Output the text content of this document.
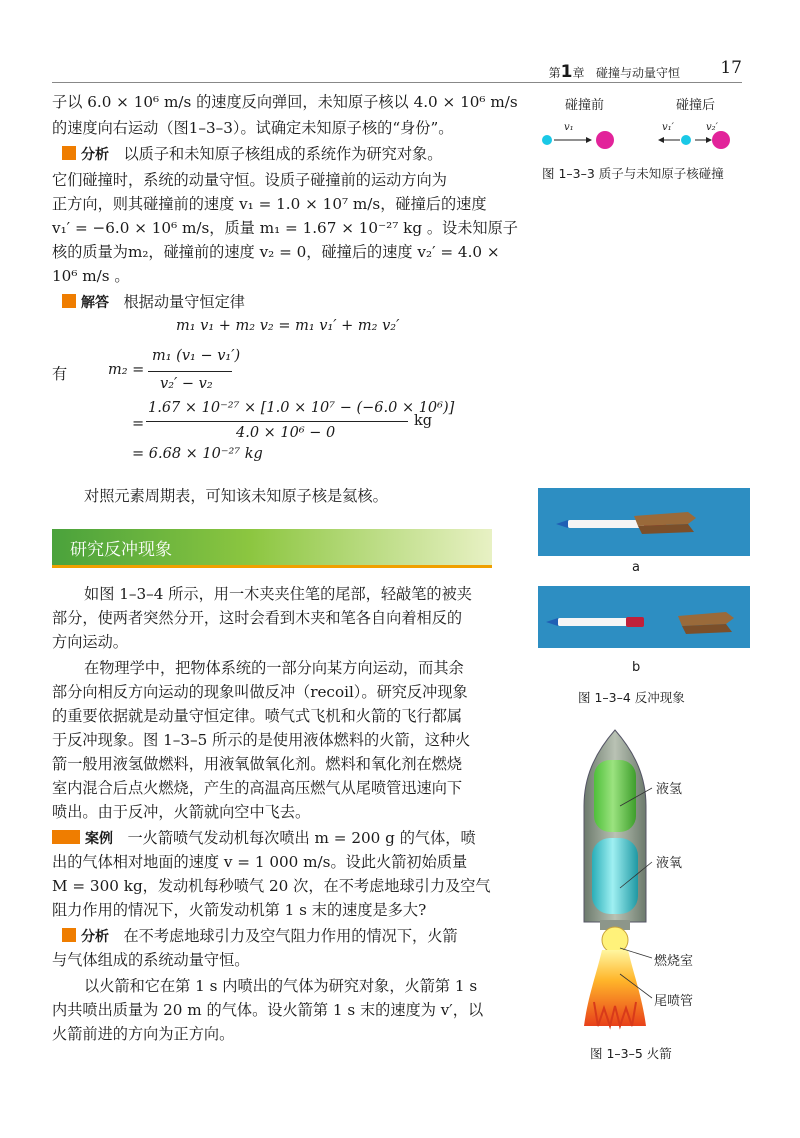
第1章 碰撞与动量守恒 17
子以 6.0 × 10⁶ m/s 的速度反向弹回，未知原子核以 4.0 × 10⁶ m/s
的速度向右运动（图1–3–3）。试确定未知原子核的“身份”。
分析 以质子和未知原子核组成的系统作为研究对象。
它们碰撞时，系统的动量守恒。设质子碰撞前的运动方向为
正方向，则其碰撞前的速度 v₁ = 1.0 × 10⁷ m/s，碰撞后的速度
v₁′ = −6.0 × 10⁶ m/s，质量 m₁ = 1.67 × 10⁻²⁷ kg 。设未知原子
核的质量为m₂，碰撞前的速度 v₂ = 0，碰撞后的速度 v₂′ = 4.0 ×
10⁶ m/s 。
解答 根据动量守恒定律
m₁ v₁ + m₂ v₂ = m₁ v₁′ + m₂ v₂′
有	m₂ =
m₁ (v₁ − v₁′)
v₂′ − v₂
=
1.67 × 10⁻²⁷ × [1.0 × 10⁷ − (−6.0 × 10⁶)]
4.0 × 10⁶ − 0
kg
= 6.68 × 10⁻²⁷ kg
对照元素周期表，可知该未知原子核是氦核。
研究反冲现象
如图 1–3–4 所示，用一木夹夹住笔的尾部，轻敲笔的被夹
部分，使两者突然分开，这时会看到木夹和笔各自向着相反的
方向运动。
在物理学中，把物体系统的一部分向某方向运动，而其余
部分向相反方向运动的现象叫做反冲（recoil）。研究反冲现象
的重要依据就是动量守恒定律。喷气式飞机和火箭的飞行都属
于反冲现象。图 1–3–5 所示的是使用液体燃料的火箭，这种火
箭一般用液氢做燃料，用液氧做氧化剂。燃料和氧化剂在燃烧
室内混合后点火燃烧，产生的高温高压燃气从尾喷管迅速向下
喷出。由于反冲，火箭就向空中飞去。
案例 一火箭喷气发动机每次喷出 m = 200 g 的气体，喷
出的气体相对地面的速度 v = 1 000 m/s。设此火箭初始质量
M = 300 kg，发动机每秒喷气 20 次，在不考虑地球引力及空气
阻力作用的情况下，火箭发动机第 1 s 末的速度是多大?
分析 在不考虑地球引力及空气阻力作用的情况下，火箭
与气体组成的系统动量守恒。
以火箭和它在第 1 s 内喷出的气体为研究对象，火箭第 1 s
内共喷出质量为 20 m 的气体。设火箭第 1 s 末的速度为 v′，以
火箭前进的方向为正方向。
碰撞前	碰撞后
v₁	v₁′	v₂′
图 1–3–3 质子与未知原子核碰撞
a
b
图 1–3–4 反冲现象
液氢
液氧
燃烧室
尾喷管
图 1–3–5 火箭
